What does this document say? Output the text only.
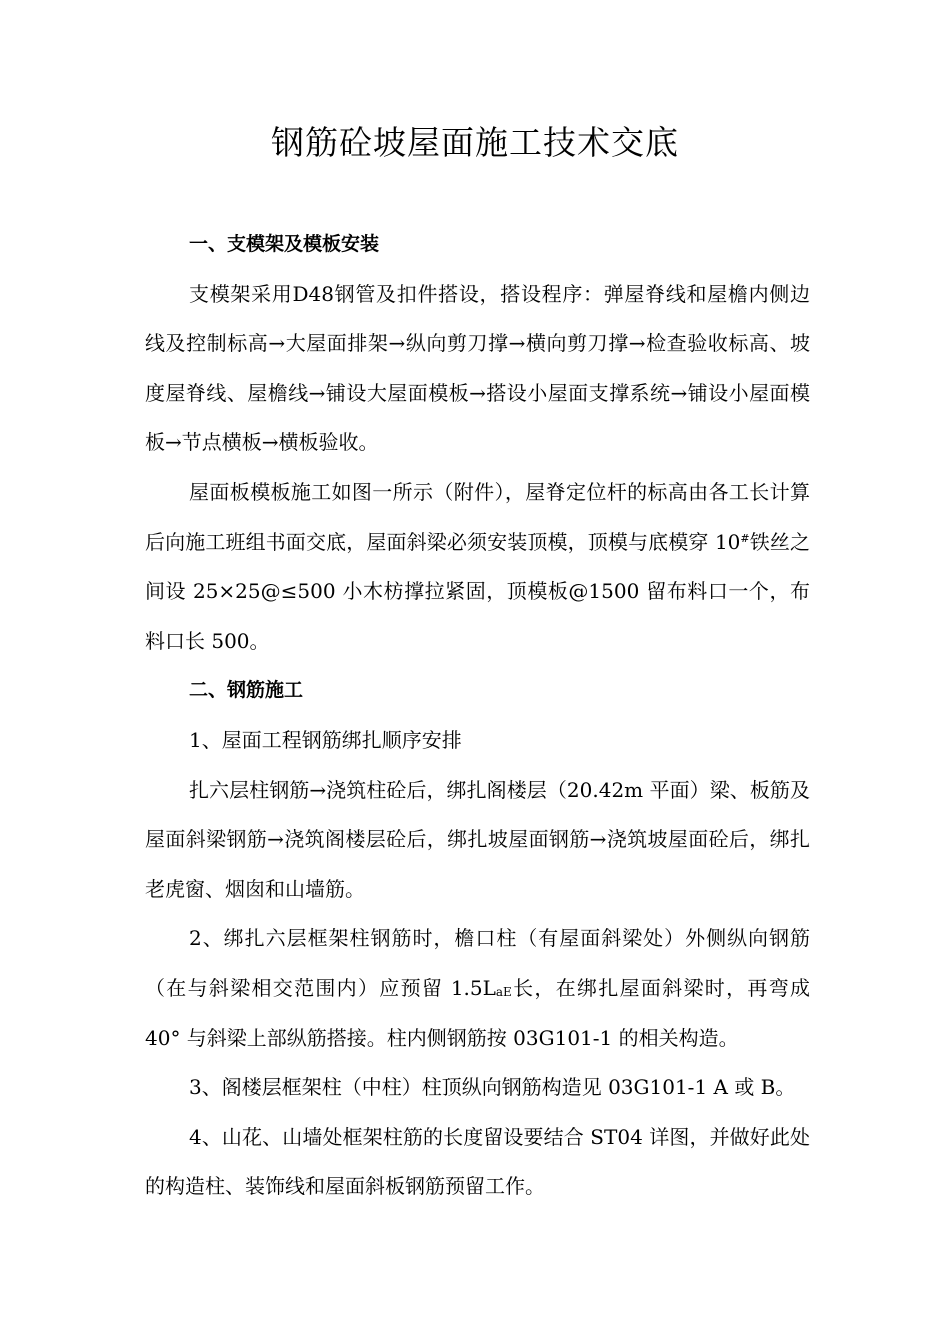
钢筋砼坡屋面施工技术交底

一、支模架及模板安装

支模架采用D48钢管及扣件搭设，搭设程序：弹屋脊线和屋檐内侧边线及控制标高→大屋面排架→纵向剪刀撑→横向剪刀撑→检查验收标高、坡度屋脊线、屋檐线→铺设大屋面模板→搭设小屋面支撑系统→铺设小屋面模板→节点横板→横板验收。

屋面板模板施工如图一所示（附件），屋脊定位杆的标高由各工长计算后向施工班组书面交底，屋面斜梁必须安装顶模，顶模与底模穿 10#铁丝之间设 25×25@≤500 小木枋撑拉紧固，顶模板@1500 留布料口一个，布料口长 500。

二、钢筋施工

1、屋面工程钢筋绑扎顺序安排

扎六层柱钢筋→浇筑柱砼后，绑扎阁楼层（20.42m 平面）梁、板筋及屋面斜梁钢筋→浇筑阁楼层砼后，绑扎坡屋面钢筋→浇筑坡屋面砼后，绑扎老虎窗、烟囱和山墙筋。

2、绑扎六层框架柱钢筋时，檐口柱（有屋面斜梁处）外侧纵向钢筋（在与斜梁相交范围内）应预留 1.5LaE长，在绑扎屋面斜梁时，再弯成 40° 与斜梁上部纵筋搭接。柱内侧钢筋按 03G101-1 的相关构造。

3、阁楼层框架柱（中柱）柱顶纵向钢筋构造见 03G101-1 A 或 B。

4、山花、山墙处框架柱筋的长度留设要结合 ST04 详图，并做好此处的构造柱、装饰线和屋面斜板钢筋预留工作。
